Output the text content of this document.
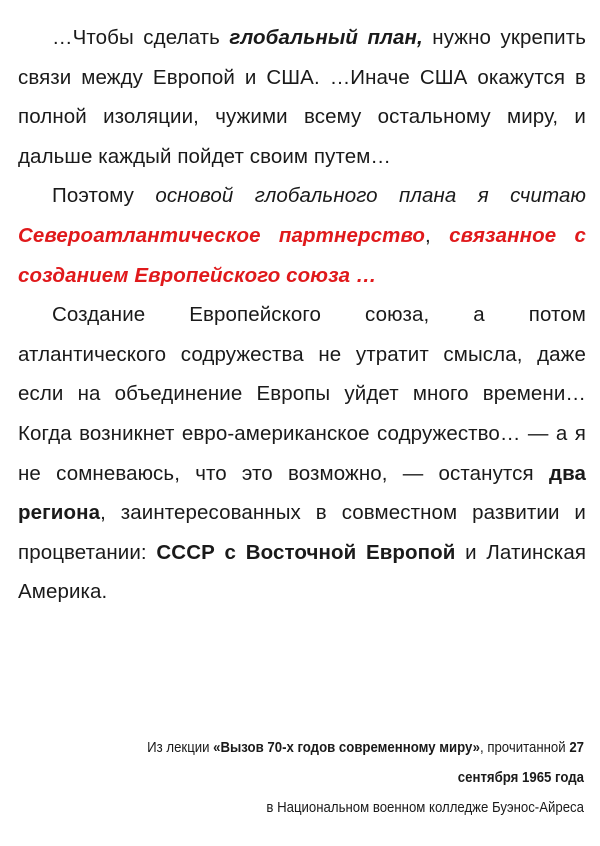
…Чтобы сделать глобальный план, нужно укрепить связи между Европой и США. …Иначе США окажутся в полной изоляции, чужими всему остальному миру, и дальше каждый пойдет своим путем…

Поэтому основой глобального плана я считаю Североатлантическое партнерство, связанное с созданием Европейского союза …

Создание Европейского союза, а потом атлантического содружества не утратит смысла, даже если на объединение Европы уйдет много времени… Когда возникнет евро-американское содружество… — а я не сомневаюсь, что это возможно, — останутся два региона, заинтересованных в совместном развитии и процветании: СССР с Восточной Европой и Латинская Америка.

Из лекции «Вызов 70-х годов современному миру», прочитанной 27
сентября 1965 года
в Национальном военном колледже Буэнос-Айреса
